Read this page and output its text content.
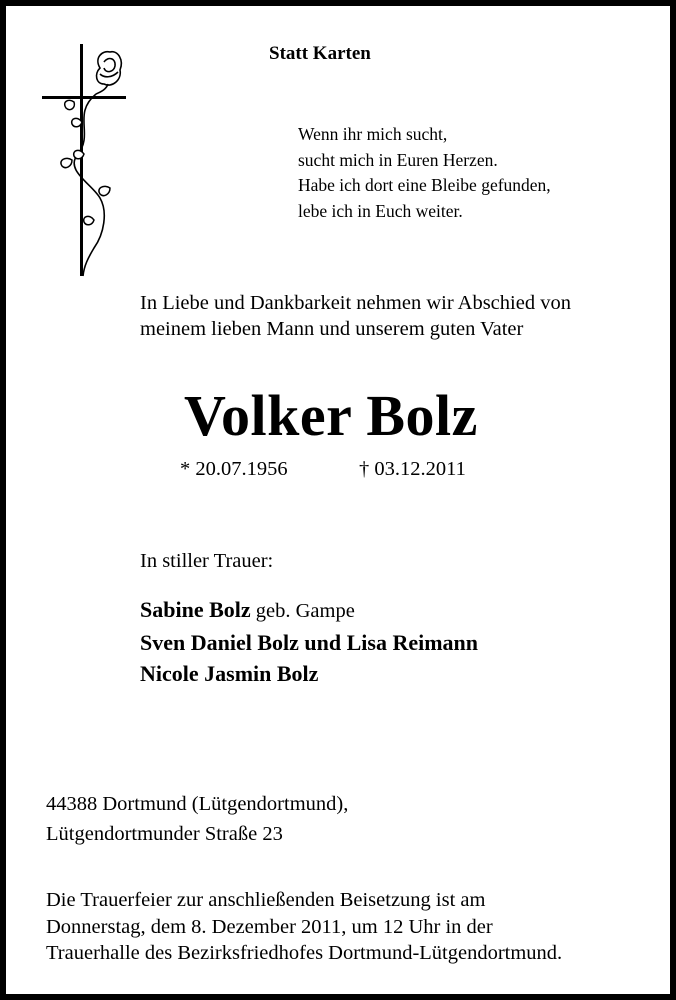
Statt Karten
Wenn ihr mich sucht,
sucht mich in Euren Herzen.
Habe ich dort eine Bleibe gefunden,
lebe ich in Euch weiter.
In Liebe und Dankbarkeit nehmen wir Abschied von
meinem lieben Mann und unserem guten Vater
Volker Bolz
* 20.07.1956	† 03.12.2011
In stiller Trauer:
Sabine Bolz geb. Gampe
Sven Daniel Bolz und Lisa Reimann
Nicole Jasmin Bolz
44388 Dortmund (Lütgendortmund),
Lütgendortmunder Straße 23
Die Trauerfeier zur anschließenden Beisetzung ist am
Donnerstag, dem 8. Dezember 2011, um 12 Uhr in der
Trauerhalle des Bezirksfriedhofes Dortmund-Lütgendortmund.
